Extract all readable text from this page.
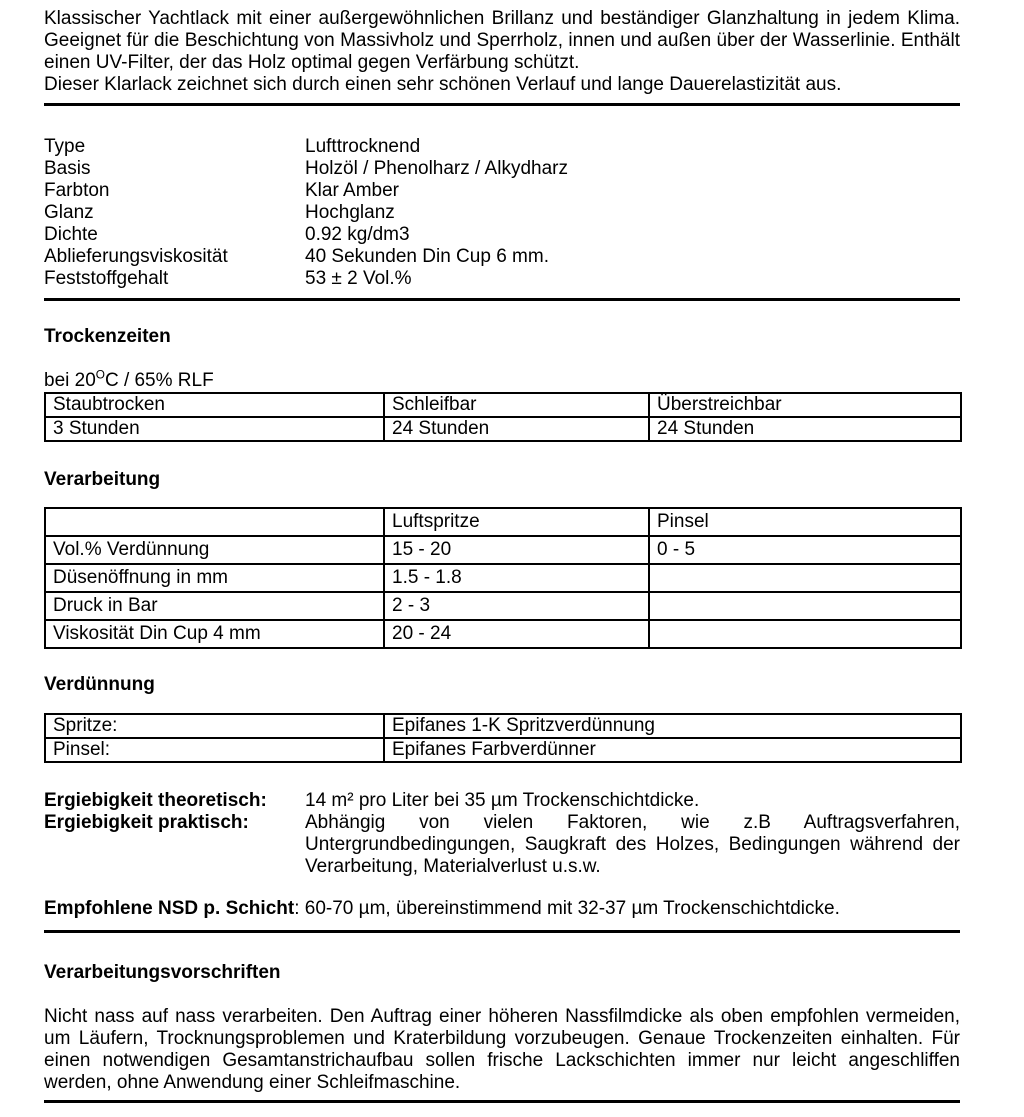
Klassischer Yachtlack mit einer außergewöhnlichen Brillanz und beständiger Glanzhaltung in jedem Klima. Geeignet für die Beschichtung von Massivholz und Sperrholz, innen und außen über der Wasserlinie. Enthält einen UV-Filter, der das Holz optimal gegen Verfärbung schützt.
Dieser Klarlack zeichnet sich durch einen sehr schönen Verlauf und lange Dauerelastizität aus.
Type	Lufttrocknend
Basis	Holzöl / Phenolharz / Alkydharz
Farbton	Klar Amber
Glanz	Hochglanz
Dichte	0.92 kg/dm3
Ablieferungsviskosität	40 Sekunden Din Cup 6 mm.
Feststoffgehalt	53 ± 2 Vol.%
Trockenzeiten
bei $20^OC / 65\%$ RLF
Staubtrocken	Schleifbar	Überstreichbar
3 Stunden	24 Stunden	24 Stunden
Verarbeitung
	Luftspritze	Pinsel
Vol.% Verdünnung	15 - 20	0 - 5
Düsenöffnung in mm	1.5 - 1.8	
Druck in Bar	2 - 3	
Viskosität Din Cup 4 mm	20 - 24	
Verdünnung
Spritze:	Epifanes 1-K Spritzverdünnung
Pinsel:	Epifanes Farbverdünner
Ergiebigkeit theoretisch:	14 m² pro Liter bei 35 µm Trockenschichtdicke.
Ergiebigkeit praktisch:	Abhängig von vielen Faktoren, wie z.B Auftragsverfahren, Untergrundbedingungen, Saugkraft des Holzes, Bedingungen während der Verarbeitung, Materialverlust u.s.w.
Empfohlene NSD p. Schicht: 60-70 µm, übereinstimmend mit 32-37 µm Trockenschichtdicke.
Verarbeitungsvorschriften
Nicht nass auf nass verarbeiten. Den Auftrag einer höheren Nassfilmdicke als oben empfohlen vermeiden, um Läufern, Trocknungsproblemen und Kraterbildung vorzubeugen. Genaue Trockenzeiten einhalten. Für einen notwendigen Gesamtanstrichaufbau sollen frische Lackschichten immer nur leicht angeschliffen werden, ohne Anwendung einer Schleifmaschine.
